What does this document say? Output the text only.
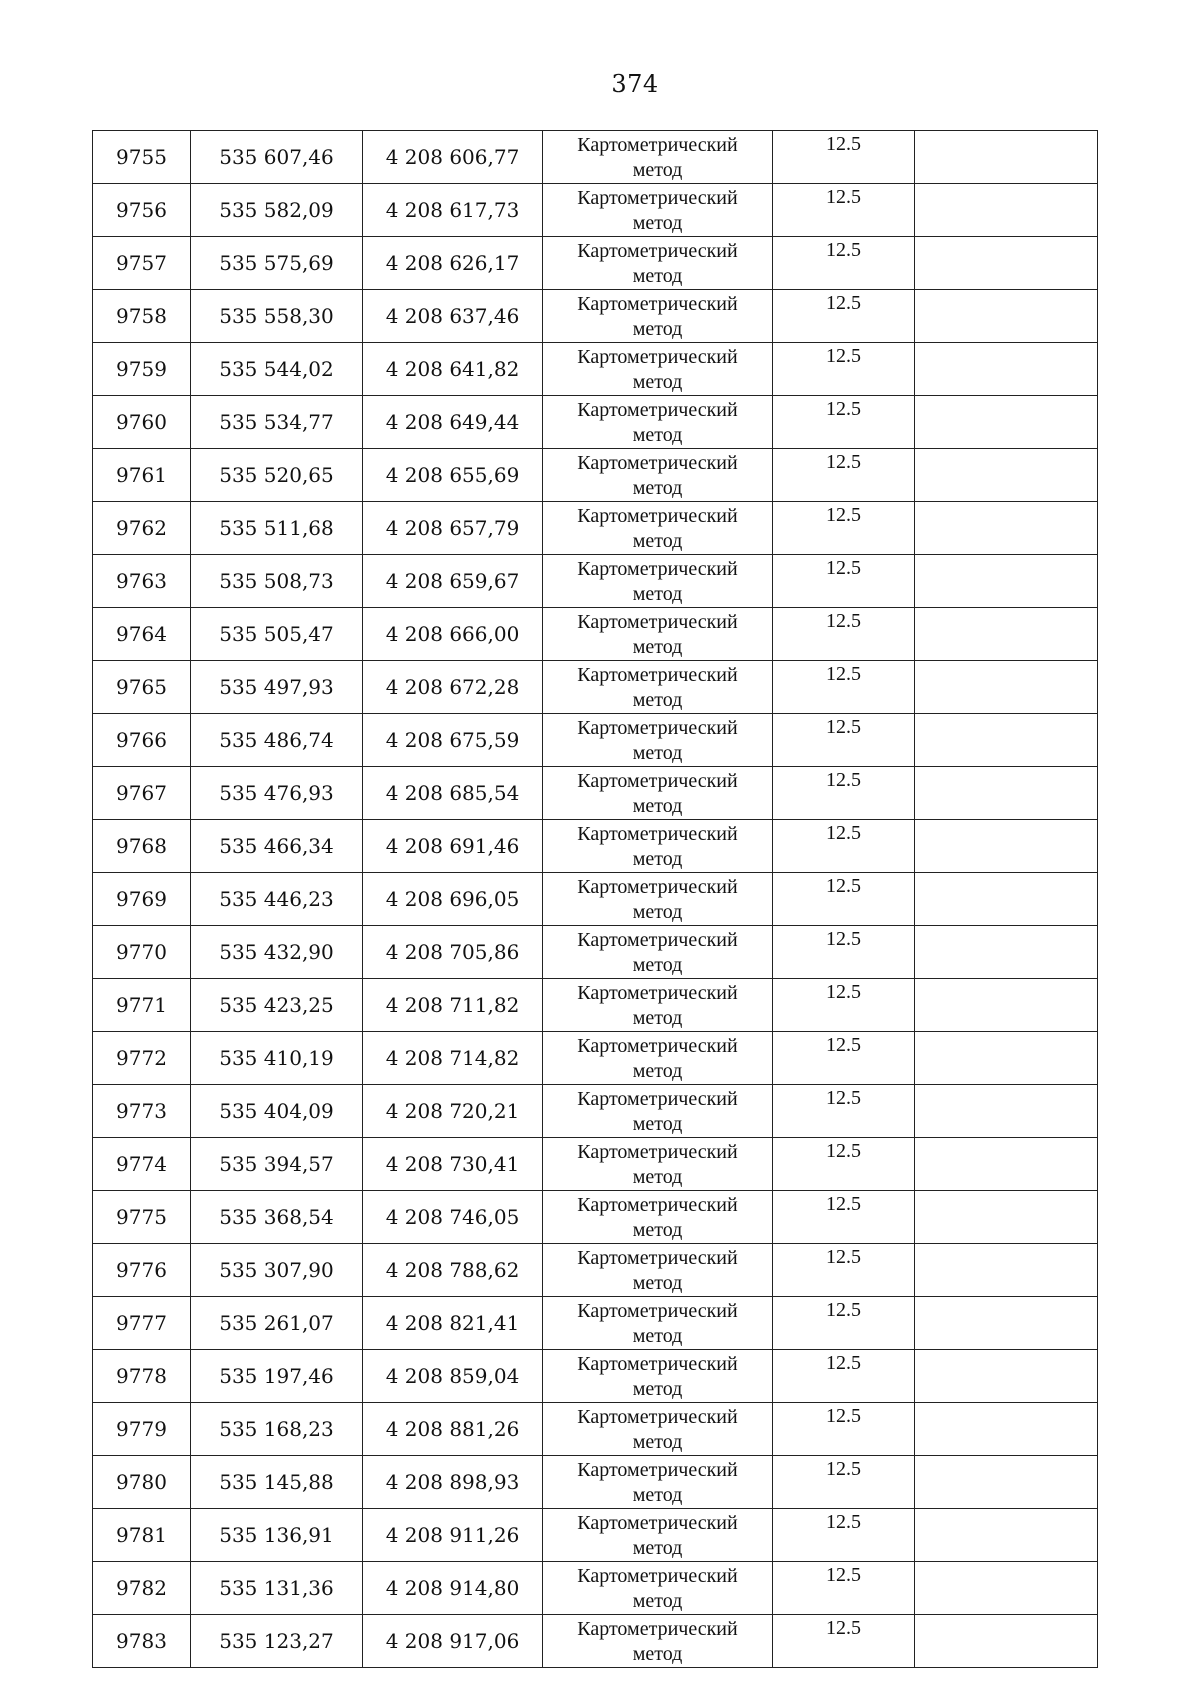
374
9755	535 607,46	4 208 606,77	Картометрический
метод	12.5	
9756	535 582,09	4 208 617,73	Картометрический
метод	12.5	
9757	535 575,69	4 208 626,17	Картометрический
метод	12.5	
9758	535 558,30	4 208 637,46	Картометрический
метод	12.5	
9759	535 544,02	4 208 641,82	Картометрический
метод	12.5	
9760	535 534,77	4 208 649,44	Картометрический
метод	12.5	
9761	535 520,65	4 208 655,69	Картометрический
метод	12.5	
9762	535 511,68	4 208 657,79	Картометрический
метод	12.5	
9763	535 508,73	4 208 659,67	Картометрический
метод	12.5	
9764	535 505,47	4 208 666,00	Картометрический
метод	12.5	
9765	535 497,93	4 208 672,28	Картометрический
метод	12.5	
9766	535 486,74	4 208 675,59	Картометрический
метод	12.5	
9767	535 476,93	4 208 685,54	Картометрический
метод	12.5	
9768	535 466,34	4 208 691,46	Картометрический
метод	12.5	
9769	535 446,23	4 208 696,05	Картометрический
метод	12.5	
9770	535 432,90	4 208 705,86	Картометрический
метод	12.5	
9771	535 423,25	4 208 711,82	Картометрический
метод	12.5	
9772	535 410,19	4 208 714,82	Картометрический
метод	12.5	
9773	535 404,09	4 208 720,21	Картометрический
метод	12.5	
9774	535 394,57	4 208 730,41	Картометрический
метод	12.5	
9775	535 368,54	4 208 746,05	Картометрический
метод	12.5	
9776	535 307,90	4 208 788,62	Картометрический
метод	12.5	
9777	535 261,07	4 208 821,41	Картометрический
метод	12.5	
9778	535 197,46	4 208 859,04	Картометрический
метод	12.5	
9779	535 168,23	4 208 881,26	Картометрический
метод	12.5	
9780	535 145,88	4 208 898,93	Картометрический
метод	12.5	
9781	535 136,91	4 208 911,26	Картометрический
метод	12.5	
9782	535 131,36	4 208 914,80	Картометрический
метод	12.5	
9783	535 123,27	4 208 917,06	Картометрический
метод	12.5	
